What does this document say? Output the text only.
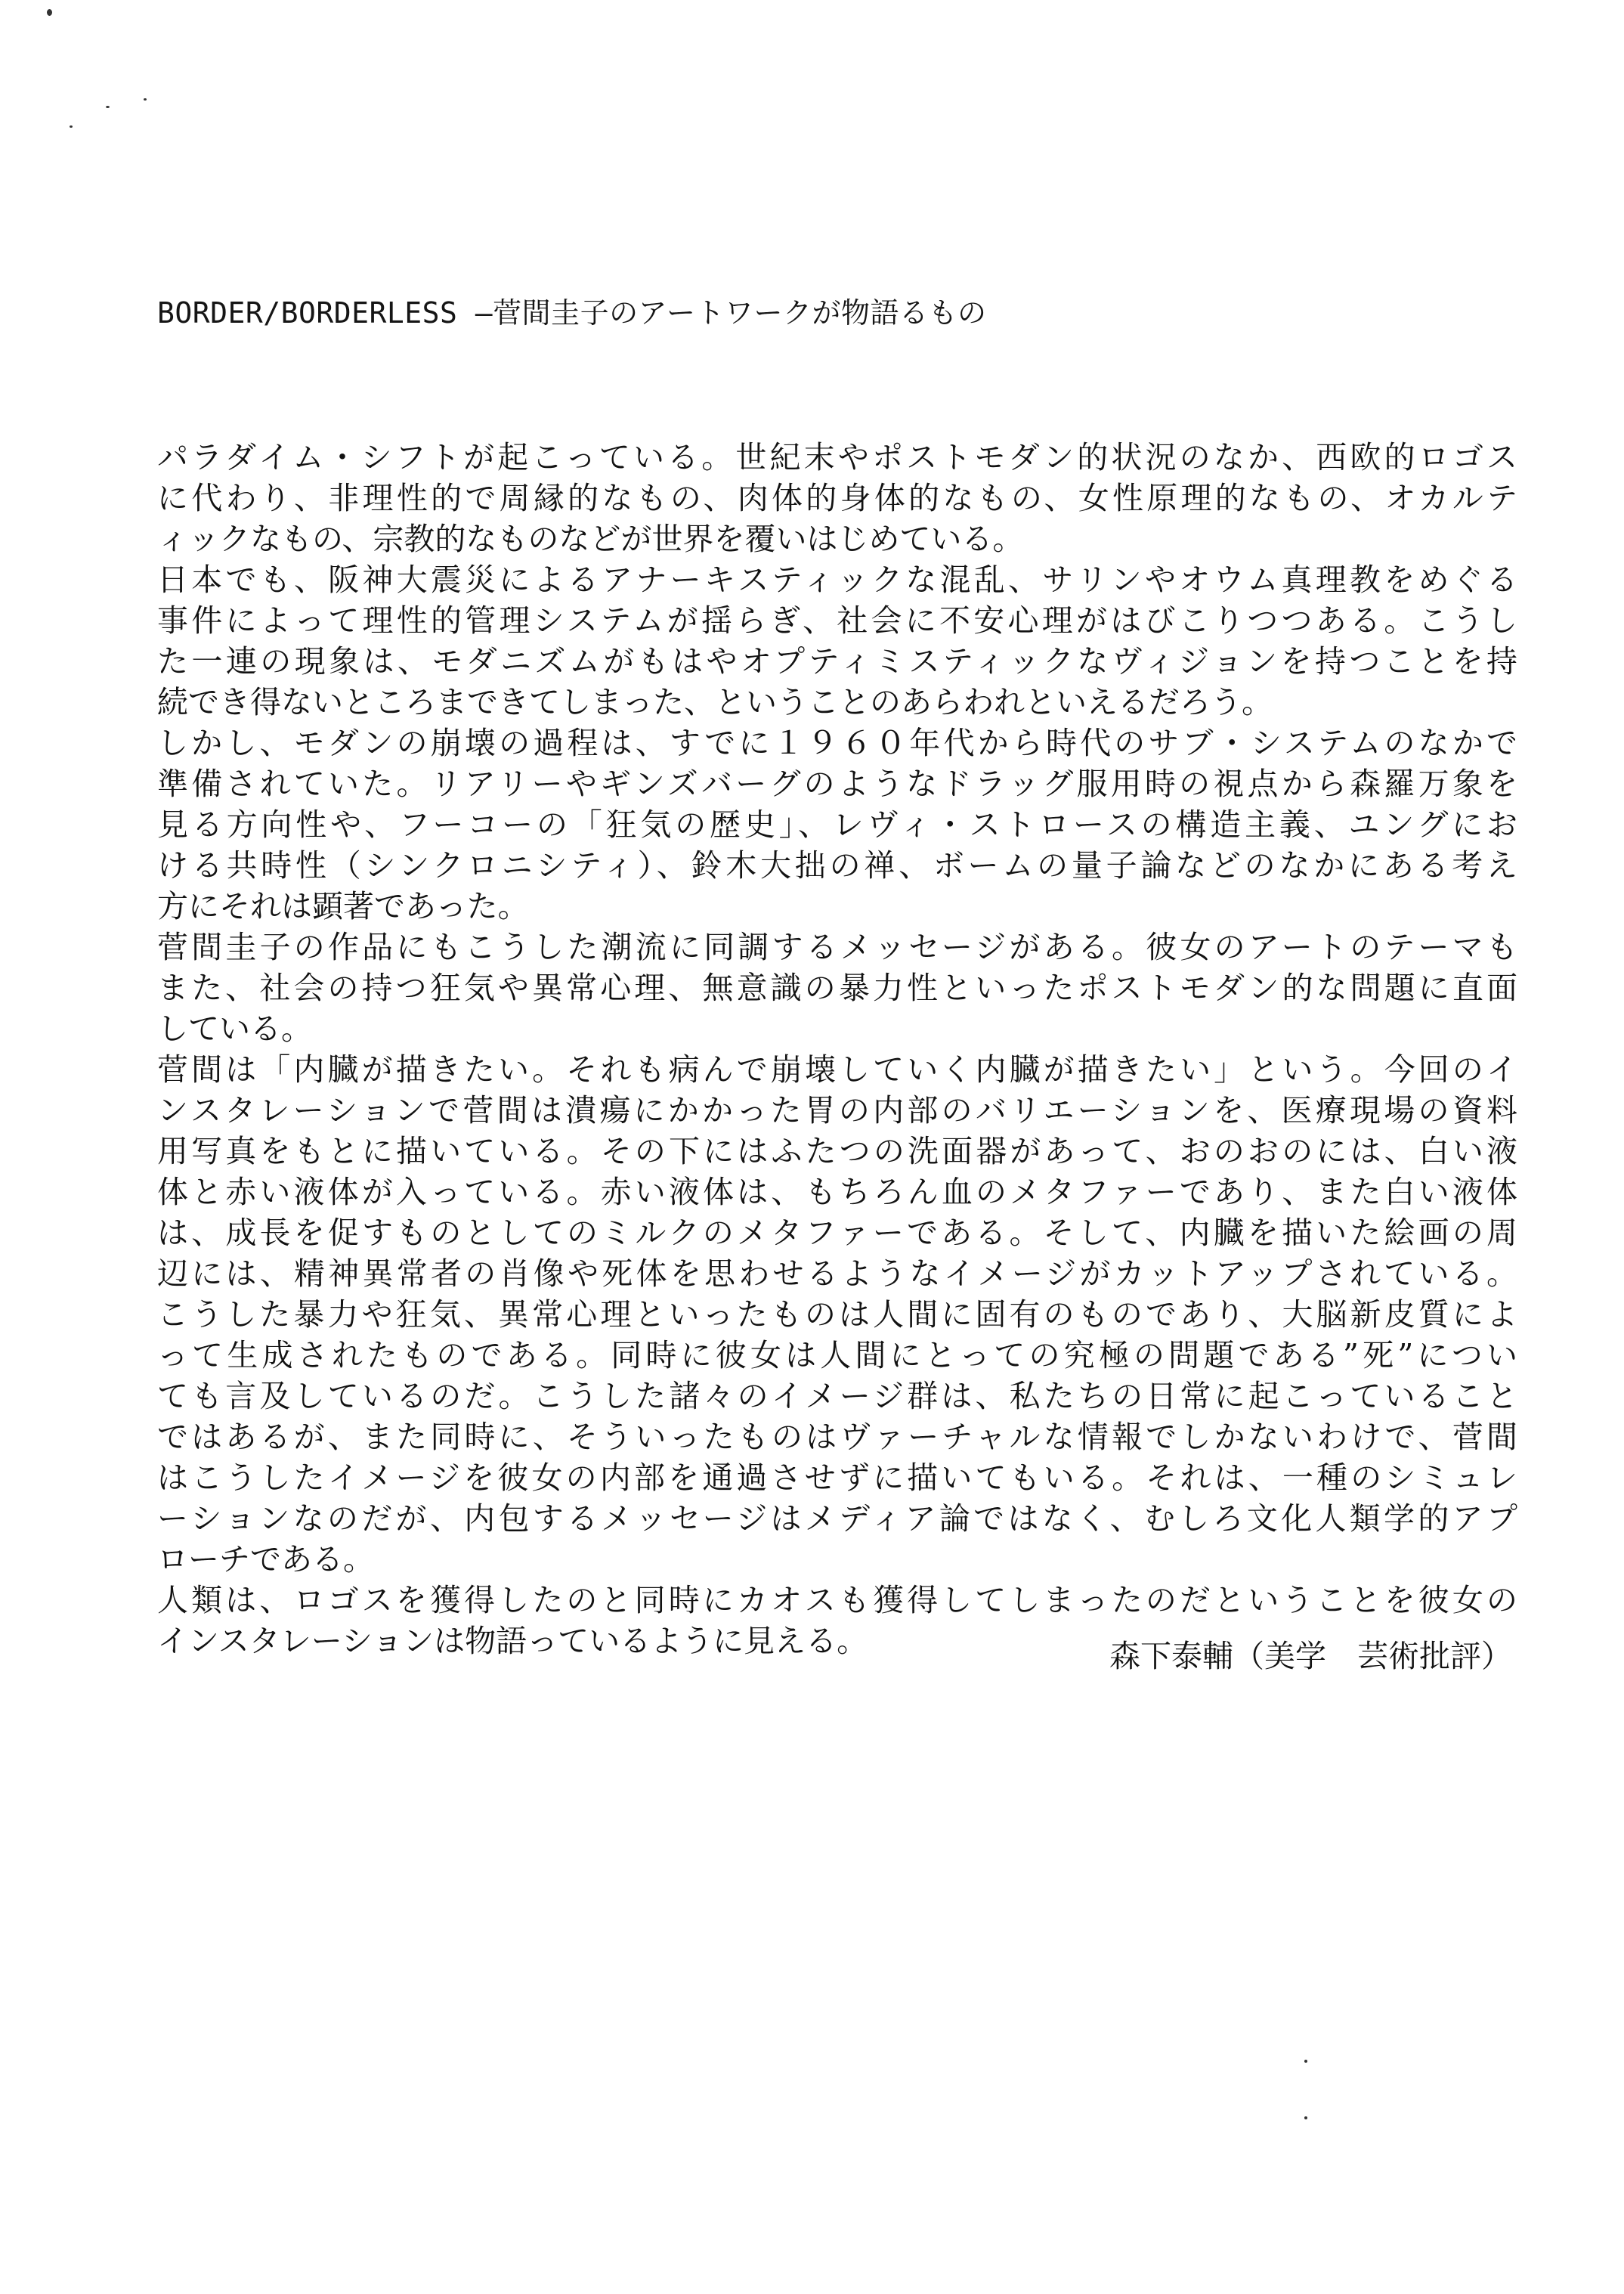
BORDER/BORDERLESS ―菅間圭子のアートワークが物語るもの
パラダイム・シフトが起こっている。世紀末やポストモダン的状況のなか、西欧的ロゴス
に代わり、非理性的で周縁的なもの、肉体的身体的なもの、女性原理的なもの、オカルテ
ィックなもの、宗教的なものなどが世界を覆いはじめている。
日本でも、阪神大震災によるアナーキスティックな混乱、サリンやオウム真理教をめぐる
事件によって理性的管理システムが揺らぎ、社会に不安心理がはびこりつつある。こうし
た一連の現象は、モダニズムがもはやオプティミスティックなヴィジョンを持つことを持
続でき得ないところまできてしまった、ということのあらわれといえるだろう。
しかし、モダンの崩壊の過程は、すでに１９６０年代から時代のサブ・システムのなかで
準備されていた。リアリーやギンズバーグのようなドラッグ服用時の視点から森羅万象を
見る方向性や、フーコーの「狂気の歴史」、レヴィ・ストロースの構造主義、ユングにお
ける共時性（シンクロニシティ）、鈴木大拙の禅、ボームの量子論などのなかにある考え
方にそれは顕著であった。
菅間圭子の作品にもこうした潮流に同調するメッセージがある。彼女のアートのテーマも
また、社会の持つ狂気や異常心理、無意識の暴力性といったポストモダン的な問題に直面
している。
菅間は「内臓が描きたい。それも病んで崩壊していく内臓が描きたい」という。今回のイ
ンスタレーションで菅間は潰瘍にかかった胃の内部のバリエーションを、医療現場の資料
用写真をもとに描いている。その下にはふたつの洗面器があって、おのおのには、白い液
体と赤い液体が入っている。赤い液体は、もちろん血のメタファーであり、また白い液体
は、成長を促すものとしてのミルクのメタファーである。そして、内臓を描いた絵画の周
辺には、精神異常者の肖像や死体を思わせるようなイメージがカットアップされている。
こうした暴力や狂気、異常心理といったものは人間に固有のものであり、大脳新皮質によ
って生成されたものである。同時に彼女は人間にとっての究極の問題である”死”につい
ても言及しているのだ。こうした諸々のイメージ群は、私たちの日常に起こっていること
ではあるが、また同時に、そういったものはヴァーチャルな情報でしかないわけで、菅間
はこうしたイメージを彼女の内部を通過させずに描いてもいる。それは、一種のシミュレ
ーションなのだが、内包するメッセージはメディア論ではなく、むしろ文化人類学的アプ
ローチである。
人類は、ロゴスを獲得したのと同時にカオスも獲得してしまったのだということを彼女の
インスタレーションは物語っているように見える。	森下泰輔（美学　芸術批評）
